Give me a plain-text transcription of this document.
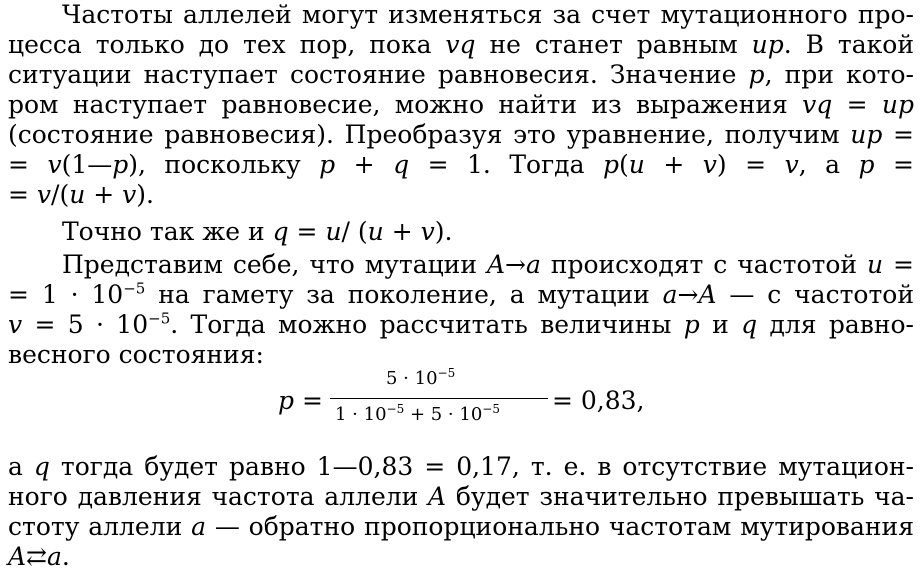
Частоты аллелей могут изменяться за счет мутационного про-
цесса только до тех пор, пока vq не станет равным up. В такой
ситуации наступает состояние равновесия. Значение p, при кото-
ром наступает равновесие, можно найти из выражения vq = up
(состояние равновесия). Преобразуя это уравнение, получим up =
= v(1—p), поскольку p + q = 1. Тогда p(u + v) = v, а p =
= v/(u + v).
Точно так же и q = u/ (u + v).
Представим себе, что мутации A→a происходят с частотой u =
= $1 \cdot 10^{-5}$ на гамету за поколение, а мутации a→A — с частотой
$v = 5 \cdot 10^{-5}$. Тогда можно рассчитать величины p и q для равно-
весного состояния:
p =
$5 \cdot 10^{-5}$
$1 \cdot 10^{-5} + 5 \cdot 10^{-5} = 0,83$,
а q тогда будет равно 1—0,83 = 0,17, т. е. в отсутствие мутацион-
ного давления частота аллели A будет значительно превышать ча-
стоту аллели a — обратно пропорционально частотам мутирования
A⇄a.
